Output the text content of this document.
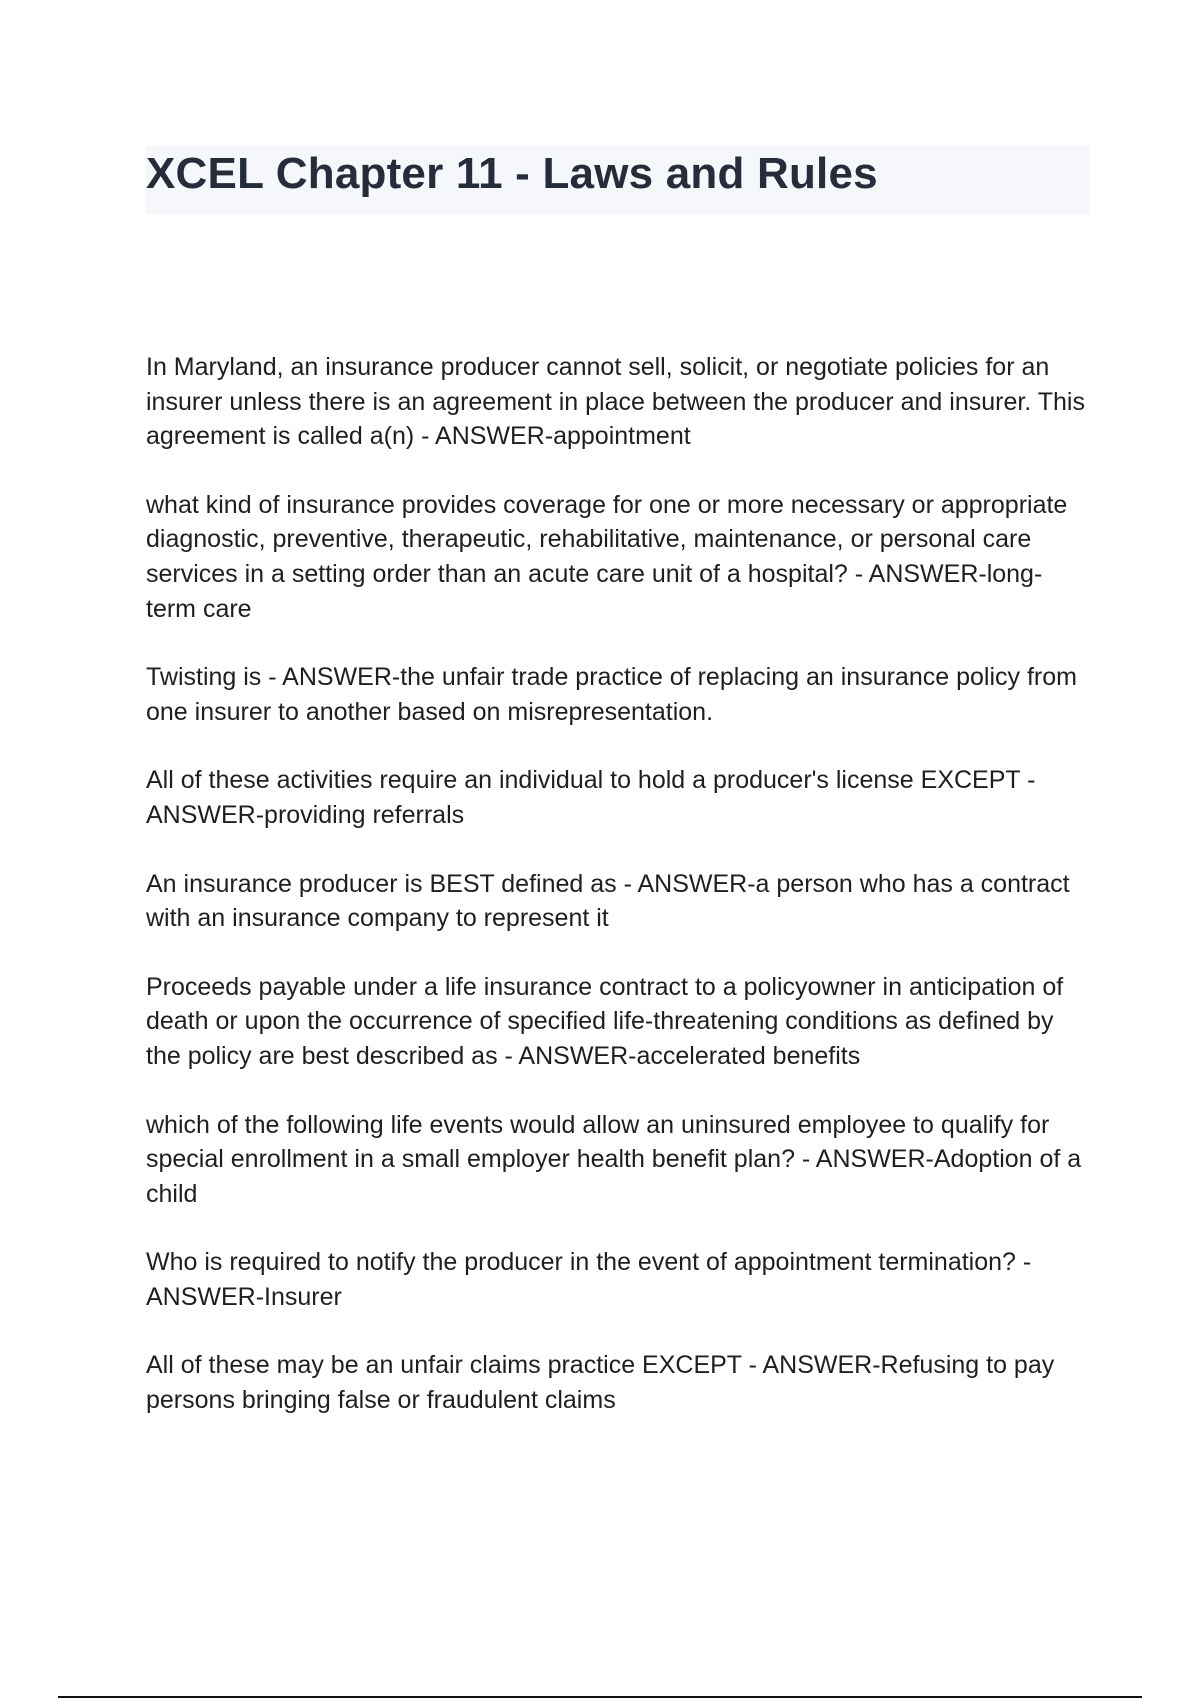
XCEL Chapter 11 - Laws and Rules

In Maryland, an insurance producer cannot sell, solicit, or negotiate policies for an insurer unless there is an agreement in place between the producer and insurer. This agreement is called a(n) - ANSWER-appointment

what kind of insurance provides coverage for one or more necessary or appropriate diagnostic, preventive, therapeutic, rehabilitative, maintenance, or personal care services in a setting order than an acute care unit of a hospital? - ANSWER-long-term care

Twisting is - ANSWER-the unfair trade practice of replacing an insurance policy from one insurer to another based on misrepresentation.

All of these activities require an individual to hold a producer's license EXCEPT - ANSWER-providing referrals

An insurance producer is BEST defined as - ANSWER-a person who has a contract with an insurance company to represent it

Proceeds payable under a life insurance contract to a policyowner in anticipation of death or upon the occurrence of specified life-threatening conditions as defined by the policy are best described as - ANSWER-accelerated benefits

which of the following life events would allow an uninsured employee to qualify for special enrollment in a small employer health benefit plan? - ANSWER-Adoption of a child

Who is required to notify the producer in the event of appointment termination? - ANSWER-Insurer

All of these may be an unfair claims practice EXCEPT - ANSWER-Refusing to pay persons bringing false or fraudulent claims
